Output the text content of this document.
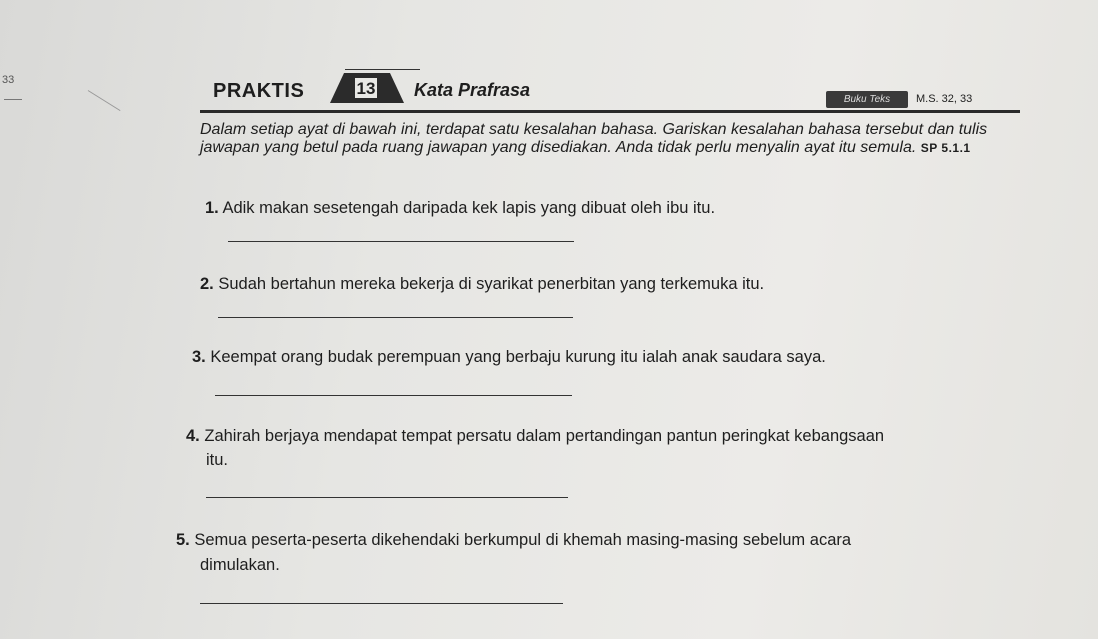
33	PRAKTIS	13 Kata Prafrasa	Buku Teks	M.S. 32, 33
Dalam setiap ayat di bawah ini, terdapat satu kesalahan bahasa. Gariskan kesalahan bahasa tersebut dan tulis jawapan yang betul pada ruang jawapan yang disediakan. Anda tidak perlu menyalin ayat itu semula. SP 5.1.1
1. Adik makan sesetengah daripada kek lapis yang dibuat oleh ibu itu.
2. Sudah bertahun mereka bekerja di syarikat penerbitan yang terkemuka itu.
3. Keempat orang budak perempuan yang berbaju kurung itu ialah anak saudara saya.
4. Zahirah berjaya mendapat tempat persatu dalam pertandingan pantun peringkat kebangsaan
itu.
5. Semua peserta-peserta dikehendaki berkumpul di khemah masing-masing sebelum acara
dimulakan.
